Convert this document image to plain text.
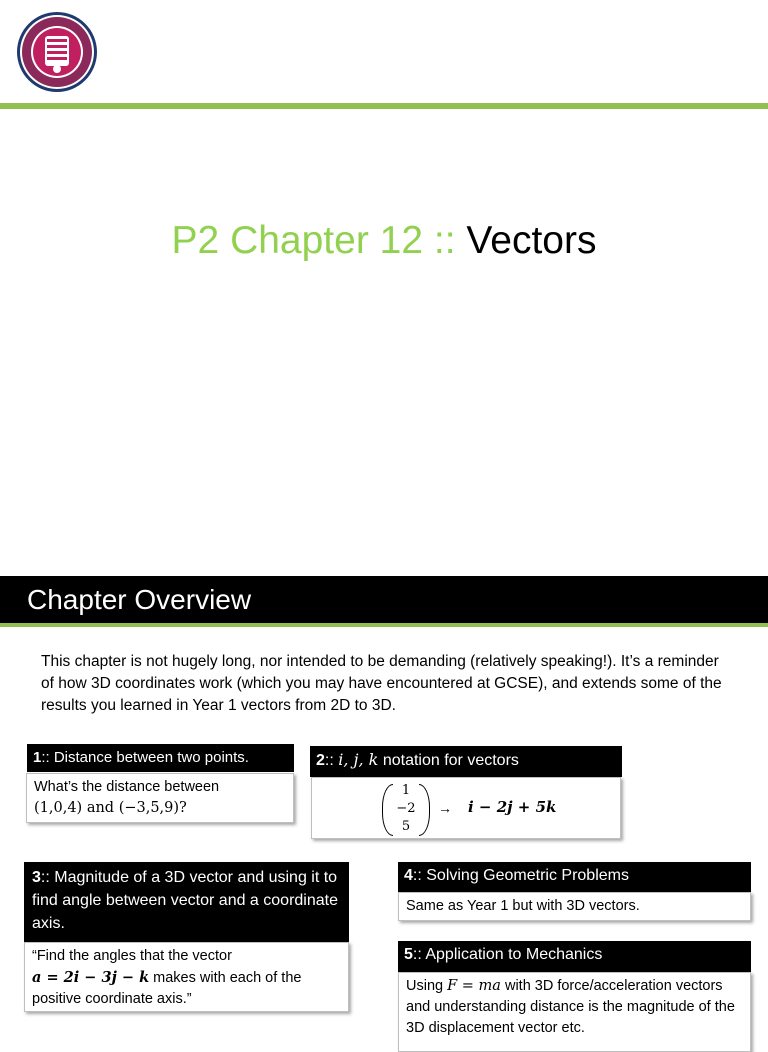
P2 Chapter 12 :: Vectors
Chapter Overview
This chapter is not hugely long, nor intended to be demanding (relatively speaking!). It’s a reminder of how 3D coordinates work (which you may have encountered at GCSE), and extends some of the results you learned in Year 1 vectors from 2D to 3D.
1:: Distance between two points.
What’s the distance between
(1,0,4) and (−3,5,9)?
2:: i, j, k notation for vectors
1
−2
5
→ i − 2j + 5k
3:: Magnitude of a 3D vector and using it to find angle between vector and a coordinate axis.
“Find the angles that the vector
a = 2i − 3j − k makes with each of the
positive coordinate axis.”
4:: Solving Geometric Problems
Same as Year 1 but with 3D vectors.
5:: Application to Mechanics
Using F = ma with 3D force/acceleration vectors and understanding distance is the magnitude of the 3D displacement vector etc.
